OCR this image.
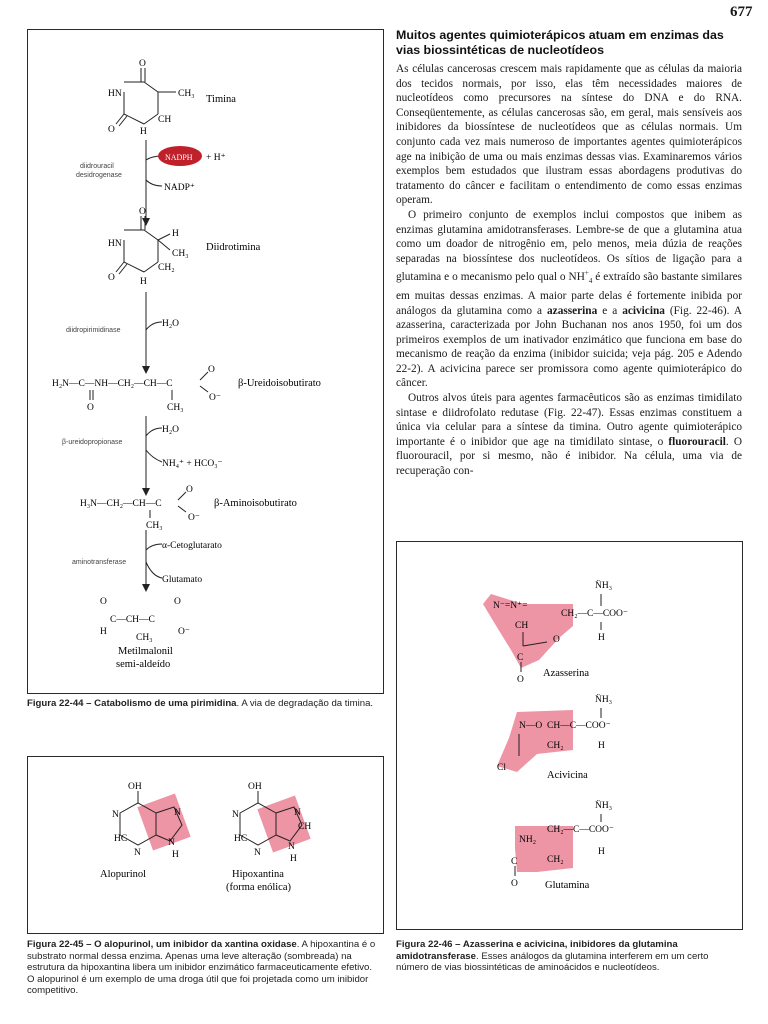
677
O
HN	CH₃
CH
O	H
Timina
NADPH + H⁺
NADP⁺
diidrouracil
desidrogenase
O
HN
H
CH₃
CH₂
O	H
Diidrotimina
H₂O
diidropirimidinase
H₂N—C—NH—CH₂—CH—C
O	CH₃
O
O⁻
β-Ureidoisobutirato
H₂O
NH₄⁺ + HCO₃⁻
β-ureidopropionase
H₃N—CH₂—CH—C
CH₃
O
O⁻
β-Aminoisobutirato
α-Cetoglutarato
Glutamato
aminotransferase
O	O
C—CH—C
H
CH₃
O⁻
Metilmalonil
semi-aldeído
Figura 22-44 – Catabolismo de uma pirimidina. A via de degradação da timina.
OH
N
HC
N
N
N
H
Alopurinol
OH
N
HC
N
N
CH
N
H
Hipoxantina
(forma enólica)
Figura 22-45 – O alopurinol, um inibidor da xantina oxidase. A hipoxantina é o substrato normal dessa enzima. Apenas uma leve alteração (sombreada) na estrutura da hipoxantina libera um inibidor enzimático farmaceuticamente efetivo. O alopurinol é um exemplo de uma droga útil que foi projetada como um inibidor competitivo.

Muitos agentes quimioterápicos atuam em enzimas das vias biossintéticas de nucleotídeos

As células cancerosas crescem mais rapidamente que as células da maioria dos tecidos normais, por isso, elas têm necessidades maiores de nucleotídeos como precursores na síntese do DNA e do RNA. Conseqüentemente, as células cancerosas são, em geral, mais sensíveis aos inibidores da biossíntese de nucleotídeos que as células normais. Um conjunto cada vez mais numeroso de importantes agentes quimioterápicos age na inibição de uma ou mais enzimas dessas vias. Examinaremos vários exemplos bem estudados que ilustram essas abordagens produtivas do tratamento do câncer e facilitam o entendimento de como essas enzimas operam.

O primeiro conjunto de exemplos inclui compostos que inibem as enzimas glutamina amidotransferases. Lembre-se de que a glutamina atua como um doador de nitrogênio em, pelo menos, meia dúzia de reações separadas na biossíntese dos nucleotídeos. Os sítios de ligação para a glutamina e o mecanismo pelo qual o $NH^+_4$ é extraído são bastante similares em muitas dessas enzimas. A maior parte delas é fortemente inibida por análogos da glutamina como a azasserina e a acivicina (Fig. 22-46). A azasserina, caracterizada por John Buchanan nos anos 1950, foi um dos primeiros exemplos de um inativador enzimático que funciona em base do mecanismo de reação da enzima (inibidor suicida; veja pág. 205 e Adendo 22-2). A acivicina parece ser promissora como agente quimioterápico do câncer.

Outros alvos úteis para agentes farmacêuticos são as enzimas timidilato sintase e diidrofolato redutase (Fig. 22-47). Essas enzimas constituem a única via celular para a síntese da timina. Outro agente quimioterápico importante é o inibidor que age na timidilato sintase, o fluorouracil. O fluorouracil, por si mesmo, não é inibidor. Na célula, uma via de recuperação con-

N̈H₃
N⁻=N⁺=
CH₂—C—COO⁻
H
CH
O
C
O
Azasserina
N̈H₃
N—O CH—C—COO⁻
CH₂	H
Cl
Acivicina
N̈H₃
CH₂—C—COO⁻
NH₂
H
CH₂
C
O	Glutamina
Figura 22-46 – Azasserina e acivicina, inibidores da glutamina amidotransferase. Esses análogos da glutamina interferem em um certo número de vias biossintéticas de aminoácidos e nucleotídeos.
